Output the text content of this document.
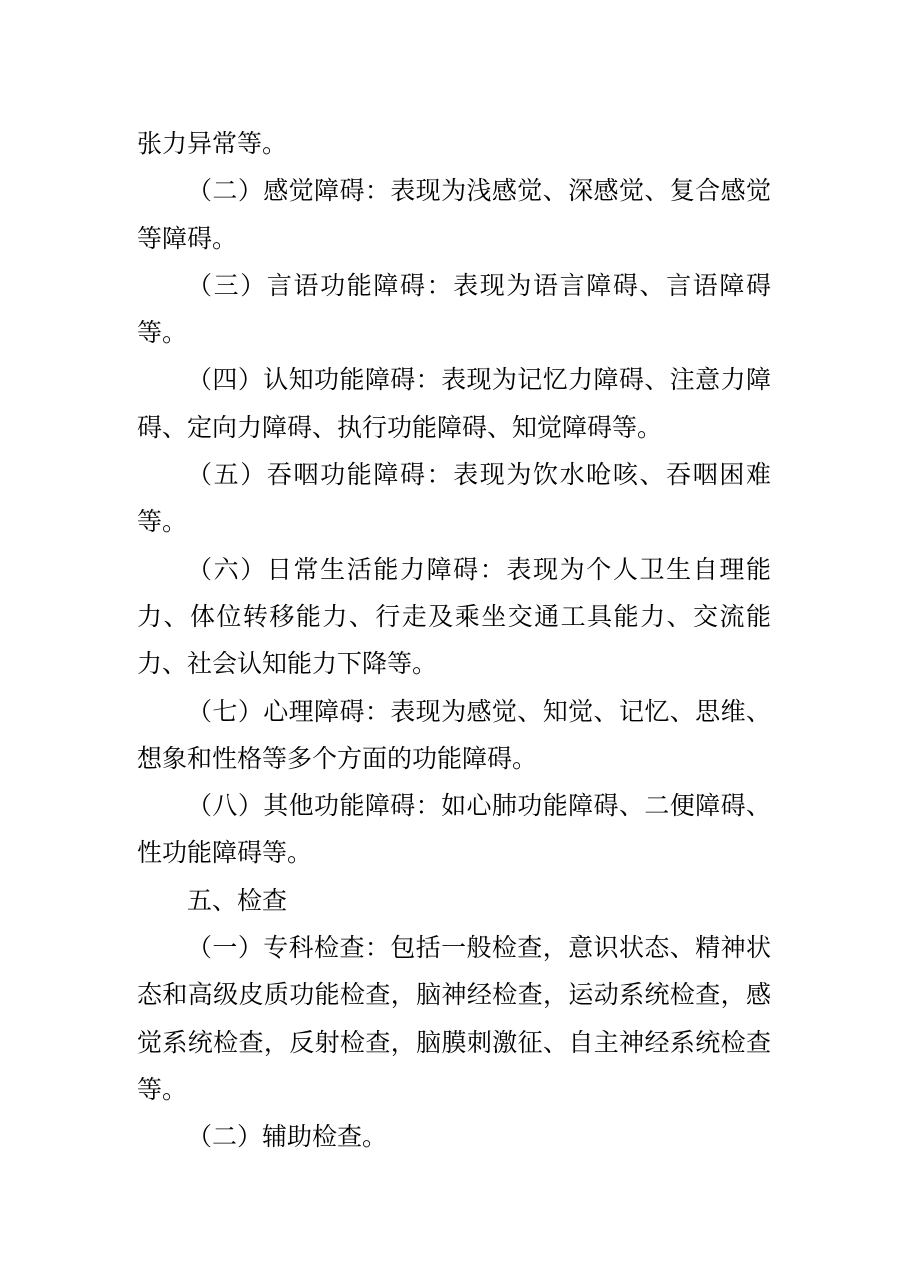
张力异常等。

（二）感觉障碍：表现为浅感觉、深感觉、复合感觉等障碍。

（三）言语功能障碍：表现为语言障碍、言语障碍等。

（四）认知功能障碍：表现为记忆力障碍、注意力障碍、定向力障碍、执行功能障碍、知觉障碍等。

（五）吞咽功能障碍：表现为饮水呛咳、吞咽困难等。

（六）日常生活能力障碍：表现为个人卫生自理能力、体位转移能力、行走及乘坐交通工具能力、交流能力、社会认知能力下降等。

（七）心理障碍：表现为感觉、知觉、记忆、思维、想象和性格等多个方面的功能障碍。

（八）其他功能障碍：如心肺功能障碍、二便障碍、性功能障碍等。

五、检查

（一）专科检查：包括一般检查，意识状态、精神状态和高级皮质功能检查，脑神经检查，运动系统检查，感觉系统检查，反射检查，脑膜刺激征、自主神经系统检查等。

（二）辅助检查。
